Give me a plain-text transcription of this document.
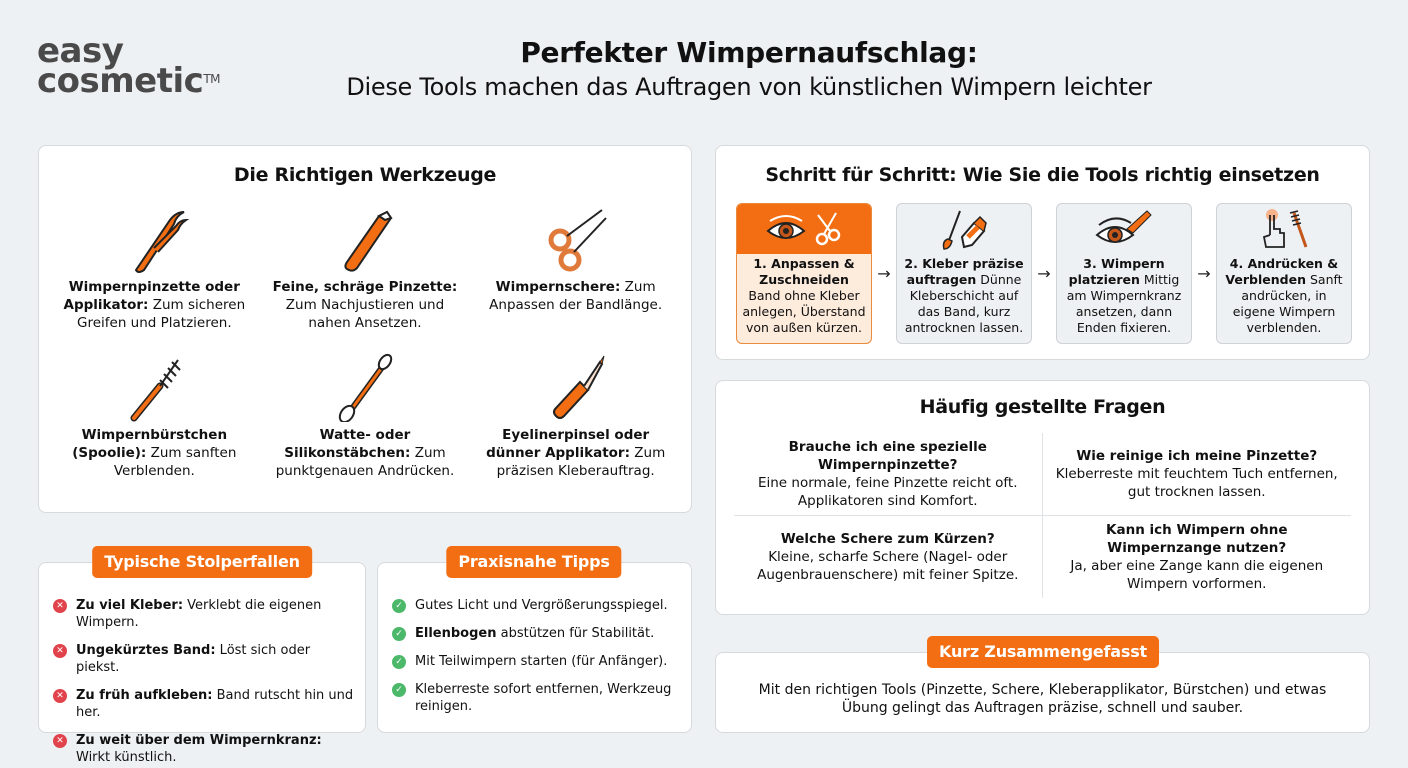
easy
cosmetic™
Perfekter Wimpernaufschlag:
Diese Tools machen das Auftragen von künstlichen Wimpern leichter
Die Richtigen Werkzeuge
Wimpernpinzette oder Applikator: Zum sicheren Greifen und Platzieren.
Feine, schräge Pinzette: Zum Nachjustieren und nahen Ansetzen.
Wimpernschere: Zum Anpassen der Bandlänge.
Wimpernbürstchen (Spoolie): Zum sanften Verblenden.
Watte- oder Silikonstäbchen: Zum punktgenauen Andrücken.
Eyelinerpinsel oder dünner Applikator: Zum präzisen Kleberauftrag.
Schritt für Schritt: Wie Sie die Tools richtig einsetzen
1. Anpassen & Zuschneiden
Band ohne Kleber anlegen, Überstand von außen kürzen.
→
2. Kleber präzise auftragen Dünne Kleberschicht auf das Band, kurz antrocknen lassen.
→
3. Wimpern platzieren Mittig am Wimpernkranz ansetzen, dann Enden fixieren.
→
4. Andrücken & Verblenden Sanft andrücken, in eigene Wimpern verblenden.
Häufig gestellte Fragen
Brauche ich eine spezielle Wimpernpinzette?
Eine normale, feine Pinzette reicht oft. Applikatoren sind Komfort.
Wie reinige ich meine Pinzette?
Kleberreste mit feuchtem Tuch entfernen, gut trocknen lassen.
Welche Schere zum Kürzen?
Kleine, scharfe Schere (Nagel- oder Augenbrauenschere) mit feiner Spitze.
Kann ich Wimpern ohne Wimpernzange nutzen?
Ja, aber eine Zange kann die eigenen Wimpern vorformen.
✕ Zu viel Kleber: Verklebt die eigenen Wimpern.
✕ Ungekürztes Band: Löst sich oder piekst.
✕ Zu früh aufkleben: Band rutscht hin und her.
✕ Zu weit über dem Wimpernkranz: Wirkt künstlich.
Typische Stolperfallen
✓ Gutes Licht und Vergrößerungsspiegel.
✓ Ellenbogen abstützen für Stabilität.
✓ Mit Teilwimpern starten (für Anfänger).
✓ Kleberreste sofort entfernen, Werkzeug reinigen.
Praxisnahe Tipps
Mit den richtigen Tools (Pinzette, Schere, Kleberapplikator, Bürstchen) und etwas Übung gelingt das Auftragen präzise, schnell und sauber.
Kurz Zusammengefasst
